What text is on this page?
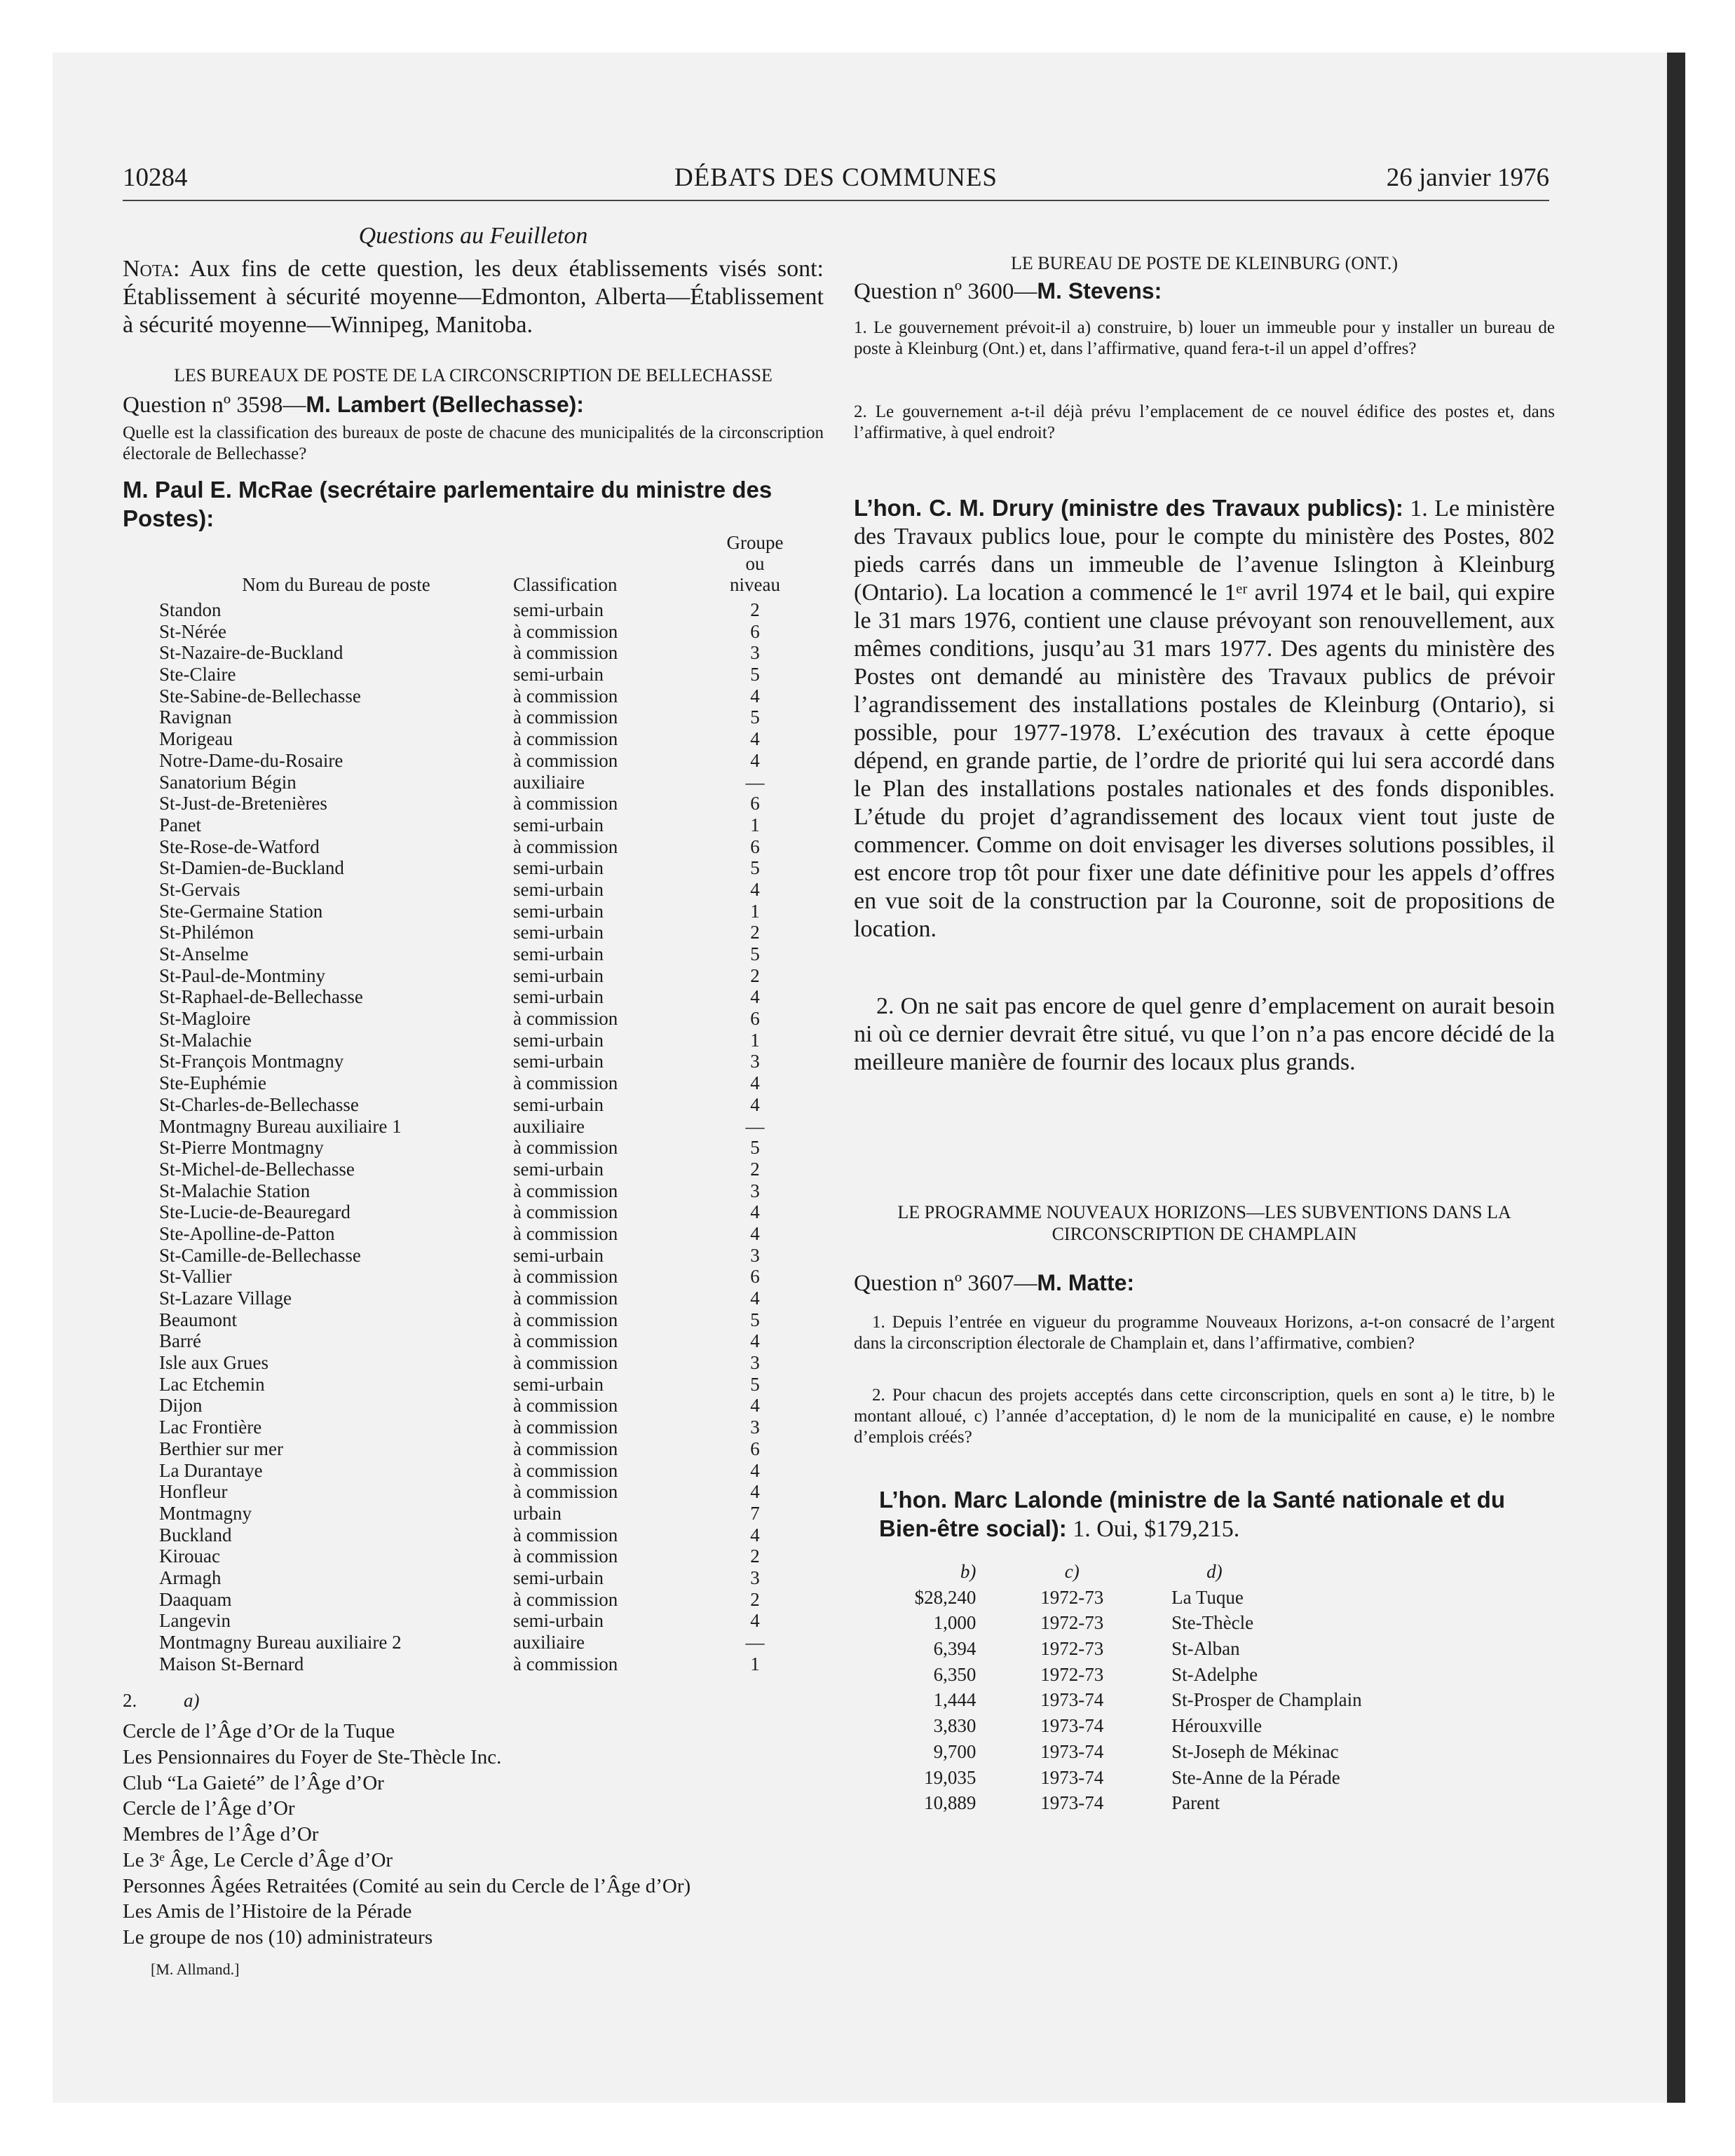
10284	DÉBATS DES COMMUNES	26 janvier 1976

Questions au Feuilleton

Nota: Aux fins de cette question, les deux établissements visés sont: Établissement à sécurité moyenne—Edmonton, Alberta—Établissement à sécurité moyenne—Winnipeg, Manitoba.

LES BUREAUX DE POSTE DE LA CIRCONSCRIPTION DE BELLECHASSE

Question nº 3598—M. Lambert (Bellechasse):

Quelle est la classification des bureaux de poste de chacune des municipalités de la circonscription électorale de Bellechasse?

M. Paul E. McRae (secrétaire parlementaire du ministre des Postes):

Nom du Bureau de poste	Classification	Groupe
ou
niveau

Standon	semi-urbain	2
St-Nérée	à commission	6
St-Nazaire-de-Buckland	à commission	3
Ste-Claire	semi-urbain	5
Ste-Sabine-de-Bellechasse	à commission	4
Ravignan	à commission	5
Morigeau	à commission	4
Notre-Dame-du-Rosaire	à commission	4
Sanatorium Bégin	auxiliaire	—
St-Just-de-Bretenières	à commission	6
Panet	semi-urbain	1
Ste-Rose-de-Watford	à commission	6
St-Damien-de-Buckland	semi-urbain	5
St-Gervais	semi-urbain	4
Ste-Germaine Station	semi-urbain	1
St-Philémon	semi-urbain	2
St-Anselme	semi-urbain	5
St-Paul-de-Montminy	semi-urbain	2
St-Raphael-de-Bellechasse	semi-urbain	4
St-Magloire	à commission	6
St-Malachie	semi-urbain	1
St-François Montmagny	semi-urbain	3
Ste-Euphémie	à commission	4
St-Charles-de-Bellechasse	semi-urbain	4
Montmagny Bureau auxiliaire 1	auxiliaire	—
St-Pierre Montmagny	à commission	5
St-Michel-de-Bellechasse	semi-urbain	2
St-Malachie Station	à commission	3
Ste-Lucie-de-Beauregard	à commission	4
Ste-Apolline-de-Patton	à commission	4
St-Camille-de-Bellechasse	semi-urbain	3
St-Vallier	à commission	6
St-Lazare Village	à commission	4
Beaumont	à commission	5
Barré	à commission	4
Isle aux Grues	à commission	3
Lac Etchemin	semi-urbain	5
Dijon	à commission	4
Lac Frontière	à commission	3
Berthier sur mer	à commission	6
La Durantaye	à commission	4
Honfleur	à commission	4
Montmagny	urbain	7
Buckland	à commission	4
Kirouac	à commission	2
Armagh	semi-urbain	3
Daaquam	à commission	2
Langevin	semi-urbain	4
Montmagny Bureau auxiliaire 2	auxiliaire	—
Maison St-Bernard	à commission	1

2. a)

Cercle de l’Âge d’Or de la Tuque
Les Pensionnaires du Foyer de Ste-Thècle Inc.
Club “La Gaieté” de l’Âge d’Or
Cercle de l’Âge d’Or
Membres de l’Âge d’Or
Le 3ᵉ Âge, Le Cercle d’Âge d’Or
Personnes Âgées Retraitées (Comité au sein du Cercle de l’Âge d’Or)
Les Amis de l’Histoire de la Pérade
Le groupe de nos (10) administrateurs

[M. Allmand.]

LE BUREAU DE POSTE DE KLEINBURG (ONT.)

Question nº 3600—M. Stevens:

1. Le gouvernement prévoit-il a) construire, b) louer un immeuble pour y installer un bureau de poste à Kleinburg (Ont.) et, dans l’affirmative, quand fera-t-il un appel d’offres?

2. Le gouvernement a-t-il déjà prévu l’emplacement de ce nouvel édifice des postes et, dans l’affirmative, à quel endroit?

L’hon. C. M. Drury (ministre des Travaux publics): 1. Le ministère des Travaux publics loue, pour le compte du ministère des Postes, 802 pieds carrés dans un immeuble de l’avenue Islington à Kleinburg (Ontario). La location a commencé le 1ᵉʳ avril 1974 et le bail, qui expire le 31 mars 1976, contient une clause prévoyant son renouvellement, aux mêmes conditions, jusqu’au 31 mars 1977. Des agents du ministère des Postes ont demandé au ministère des Travaux publics de prévoir l’agrandissement des installations postales de Kleinburg (Ontario), si possible, pour 1977-1978. L’exécution des travaux à cette époque dépend, en grande partie, de l’ordre de priorité qui lui sera accordé dans le Plan des installations postales nationales et des fonds disponibles. L’étude du projet d’agrandissement des locaux vient tout juste de commencer. Comme on doit envisager les diverses solutions possibles, il est encore trop tôt pour fixer une date définitive pour les appels d’offres en vue soit de la construction par la Couronne, soit de propositions de location.

2. On ne sait pas encore de quel genre d’emplacement on aurait besoin ni où ce dernier devrait être situé, vu que l’on n’a pas encore décidé de la meilleure manière de fournir des locaux plus grands.

LE PROGRAMME NOUVEAUX HORIZONS—LES SUBVENTIONS DANS LA CIRCONSCRIPTION DE CHAMPLAIN

Question nº 3607—M. Matte:

1. Depuis l’entrée en vigueur du programme Nouveaux Horizons, a-t-on consacré de l’argent dans la circonscription électorale de Champlain et, dans l’affirmative, combien?

2. Pour chacun des projets acceptés dans cette circonscription, quels en sont a) le titre, b) le montant alloué, c) l’année d’acceptation, d) le nom de la municipalité en cause, e) le nombre d’emplois créés?

L’hon. Marc Lalonde (ministre de la Santé nationale et du Bien-être social): 1. Oui, $179,215.

b)	c)	d)
$28,240	1972-73	La Tuque
1,000	1972-73	Ste-Thècle
6,394	1972-73	St-Alban
6,350	1972-73	St-Adelphe
1,444	1973-74	St-Prosper de Champlain
3,830	1973-74	Hérouxville
9,700	1973-74	St-Joseph de Mékinac
19,035	1973-74	Ste-Anne de la Pérade
10,889	1973-74	Parent
